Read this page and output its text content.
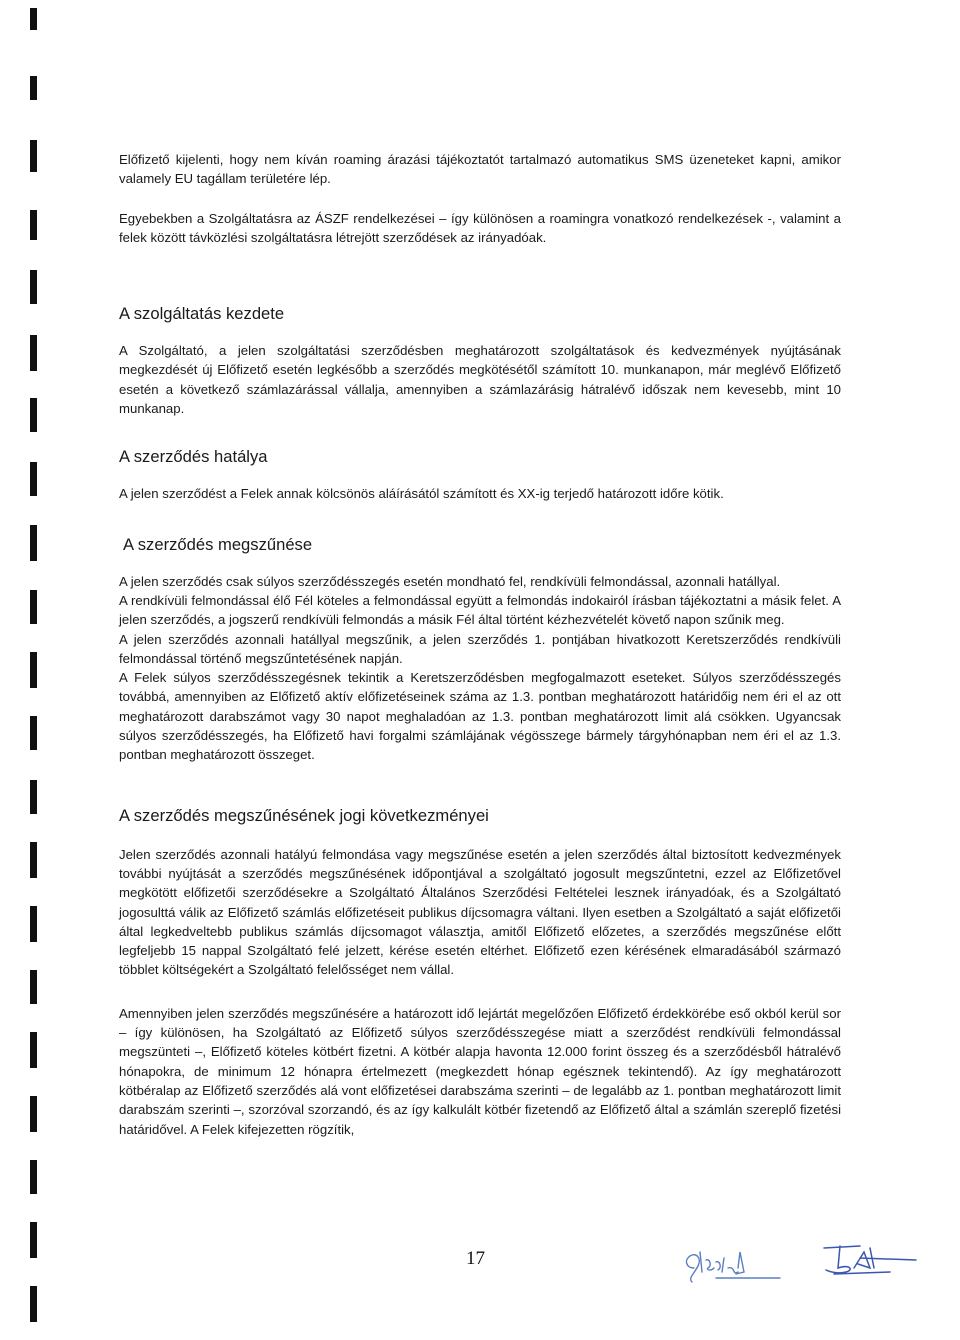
Előfizető kijelenti, hogy nem kíván roaming árazási tájékoztatót tartalmazó automatikus SMS üzeneteket kapni, amikor valamely EU tagállam területére lép.

Egyebekben a Szolgáltatásra az ÁSZF rendelkezései – így különösen a roamingra vonatkozó rendelkezések -, valamint a felek között távközlési szolgáltatásra létrejött szerződések az irányadóak.

A szolgáltatás kezdete

A Szolgáltató, a jelen szolgáltatási szerződésben meghatározott szolgáltatások és kedvezmények nyújtásának megkezdését új Előfizető esetén legkésőbb a szerződés megkötésétől számított 10. munkanapon, már meglévő Előfizető esetén a következő számlazárással vállalja, amennyiben a számlazárásig hátralévő időszak nem kevesebb, mint 10 munkanap.

A szerződés hatálya

A jelen szerződést a Felek annak kölcsönös aláírásától számított és XX-ig terjedő határozott időre kötik.

A szerződés megszűnése

A jelen szerződés csak súlyos szerződésszegés esetén mondható fel, rendkívüli felmondással, azonnali hatállyal.

A rendkívüli felmondással élő Fél köteles a felmondással együtt a felmondás indokairól írásban tájékoztatni a másik felet. A jelen szerződés, a jogszerű rendkívüli felmondás a másik Fél által történt kézhezvételét követő napon szűnik meg.

A jelen szerződés azonnali hatállyal megszűnik, a jelen szerződés 1. pontjában hivatkozott Keretszerződés rendkívüli felmondással történő megszűntetésének napján.

A Felek súlyos szerződésszegésnek tekintik a Keretszerződésben megfogalmazott eseteket. Súlyos szerződésszegés továbbá, amennyiben az Előfizető aktív előfizetéseinek száma az 1.3. pontban meghatározott határidőig nem éri el az ott meghatározott darabszámot vagy 30 napot meghaladóan az 1.3. pontban meghatározott limit alá csökken. Ugyancsak súlyos szerződésszegés, ha Előfizető havi forgalmi számlájának végösszege bármely tárgyhónapban nem éri el az 1.3. pontban meghatározott összeget.

A szerződés megszűnésének jogi következményei

Jelen szerződés azonnali hatályú felmondása vagy megszűnése esetén a jelen szerződés által biztosított kedvezmények további nyújtását a szerződés megszűnésének időpontjával a szolgáltató jogosult megszűntetni, ezzel az Előfizetővel megkötött előfizetői szerződésekre a Szolgáltató Általános Szerződési Feltételei lesznek irányadóak, és a Szolgáltató jogosulttá válik az Előfizető számlás előfizetéseit publikus díjcsomagra váltani. Ilyen esetben a Szolgáltató a saját előfizetői által legkedveltebb publikus számlás díjcsomagot választja, amitől Előfizető előzetes, a szerződés megszűnése előtt legfeljebb 15 nappal Szolgáltató felé jelzett, kérése esetén eltérhet. Előfizető ezen kérésének elmaradásából származó többlet költségekért a Szolgáltató felelősséget nem vállal.

Amennyiben jelen szerződés megszűnésére a határozott idő lejártát megelőzően Előfizető érdekkörébe eső okból kerül sor – így különösen, ha Szolgáltató az Előfizető súlyos szerződésszegése miatt a szerződést rendkívüli felmondással megszünteti –, Előfizető köteles kötbért fizetni. A kötbér alapja havonta 12.000 forint összeg és a szerződésből hátralévő hónapokra, de minimum 12 hónapra értelmezett (megkezdett hónap egésznek tekintendő). Az így meghatározott kötbéralap az Előfizető szerződés alá vont előfizetései darabszáma szerinti – de legalább az 1. pontban meghatározott limit darabszám szerinti –, szorzóval szorzandó, és az így kalkulált kötbér fizetendő az Előfizető által a számlán szereplő fizetési határidővel. A Felek kifejezetten rögzítik,

17
